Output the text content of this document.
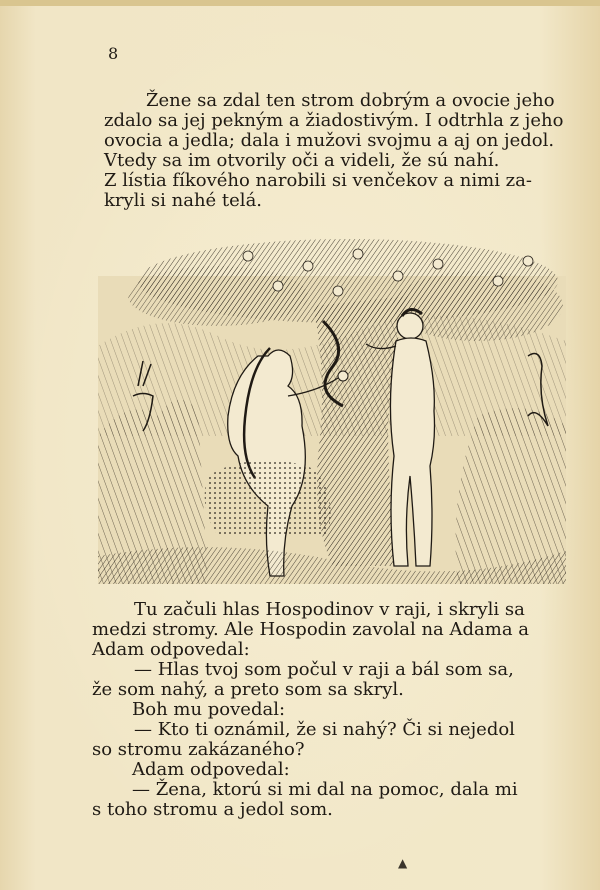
8

Žene sa zdal ten strom dobrým a ovocie jeho
zdalo sa jej pekným a žiadostivým. I odtrhla z jeho
ovocia a jedla; dala i mužovi svojmu a aj on jedol.
Vtedy sa im otvorily oči a videli, že sú nahí.
Z lístia fíkového narobili si venčekov a nimi za-
kryli si nahé telá.

Tu začuli hlas Hospodinov v raji, i skryli sa
medzi stromy. Ale Hospodin zavolal na Adama a
Adam odpovedal:
— Hlas tvoj som počul v raji a bál som sa,
že som nahý, a preto som sa skryl.
Boh mu povedal:
— Kto ti oznámil, že si nahý? Či si nejedol
so stromu zakázaného?
Adam odpovedal:
— Žena, ktorú si mi dal na pomoc, dala mi
s toho stromu a jedol som.

▲
